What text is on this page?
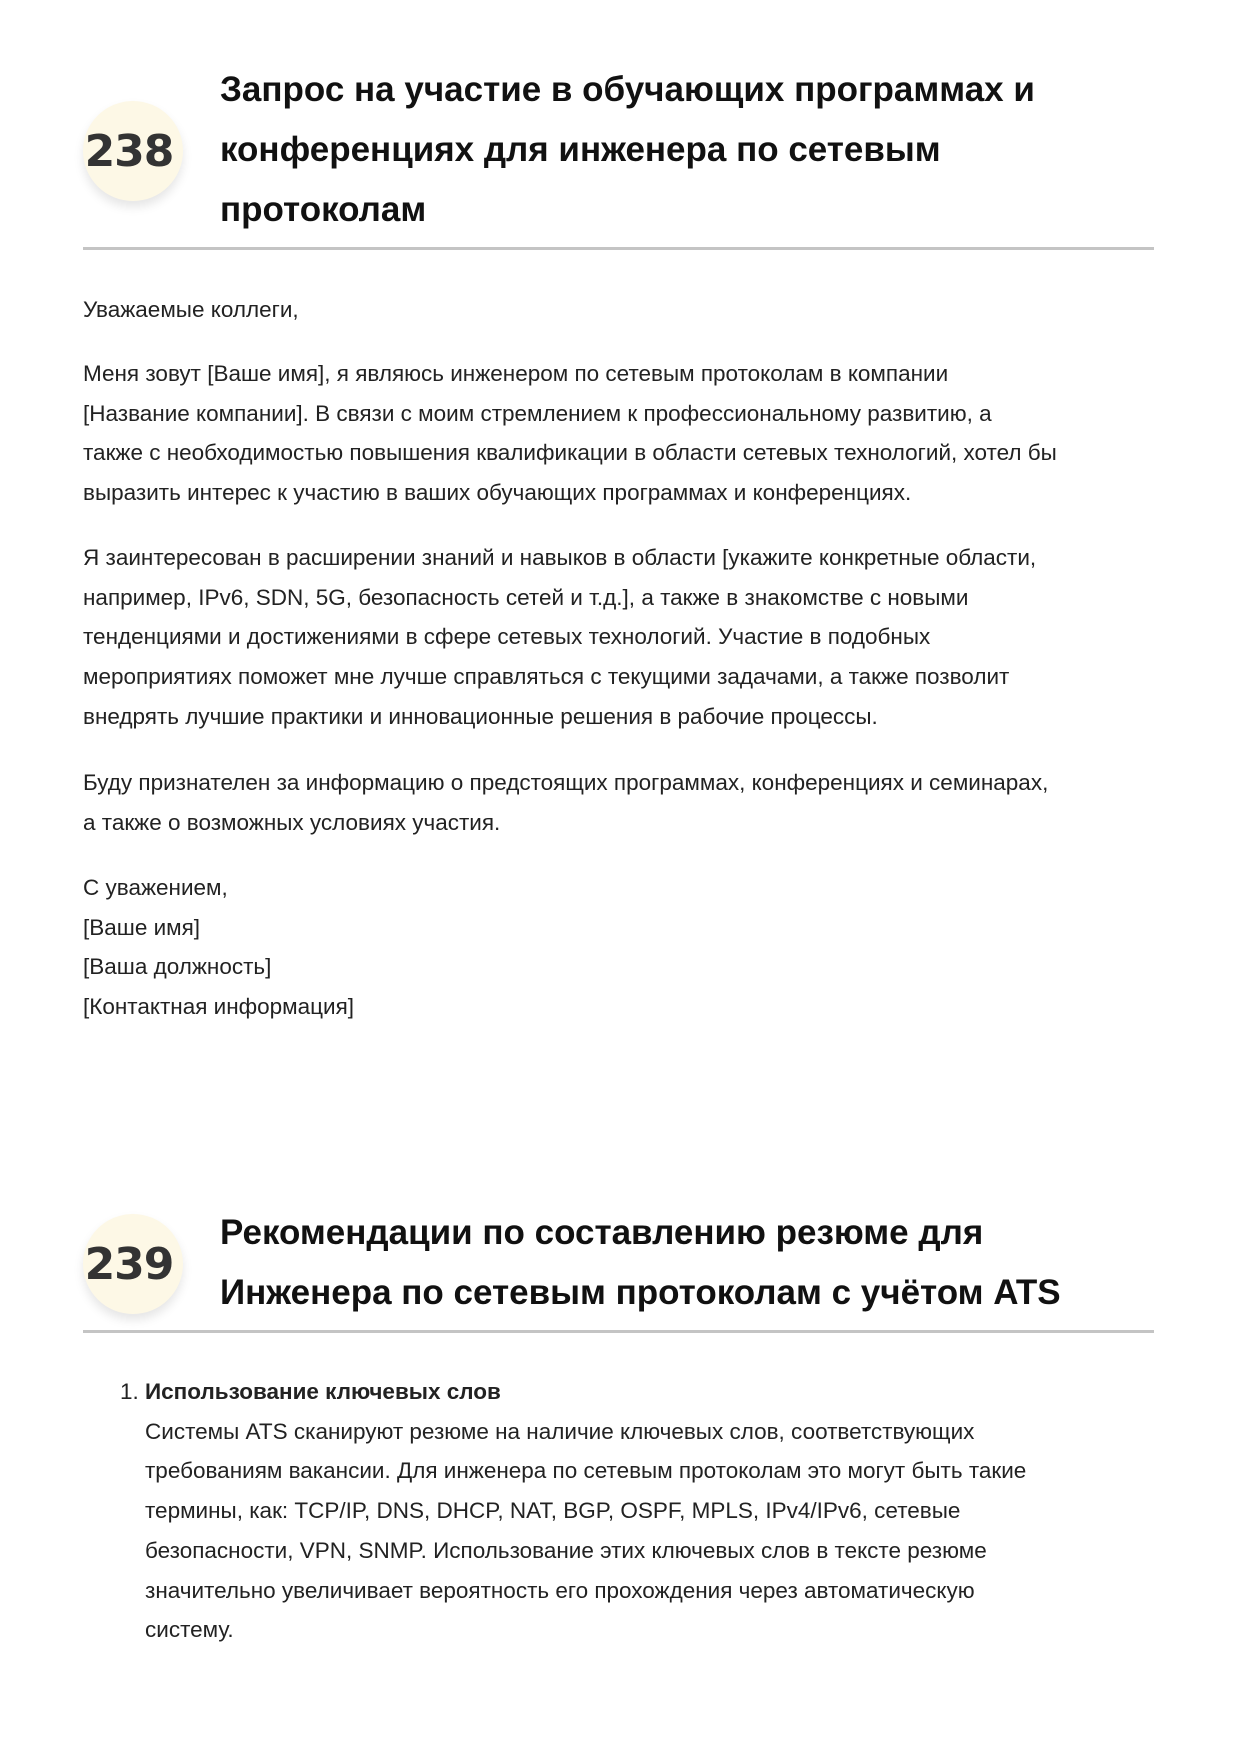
238
Запрос на участие в обучающих программах и
конференциях для инженера по сетевым
протоколам
Уважаемые коллеги,
Меня зовут [Ваше имя], я являюсь инженером по сетевым протоколам в компании
[Название компании]. В связи с моим стремлением к профессиональному развитию, а
также с необходимостью повышения квалификации в области сетевых технологий, хотел бы
выразить интерес к участию в ваших обучающих программах и конференциях.
Я заинтересован в расширении знаний и навыков в области [укажите конкретные области,
например, IPv6, SDN, 5G, безопасность сетей и т.д.], а также в знакомстве с новыми
тенденциями и достижениями в сфере сетевых технологий. Участие в подобных
мероприятиях поможет мне лучше справляться с текущими задачами, а также позволит
внедрять лучшие практики и инновационные решения в рабочие процессы.
Буду признателен за информацию о предстоящих программах, конференциях и семинарах,
а также о возможных условиях участия.
С уважением,
[Ваше имя]
[Ваша должность]
[Контактная информация]
239
Рекомендации по составлению резюме для
Инженера по сетевым протоколам с учётом ATS
1. Использование ключевых слов
Системы ATS сканируют резюме на наличие ключевых слов, соответствующих
требованиям вакансии. Для инженера по сетевым протоколам это могут быть такие
термины, как: TCP/IP, DNS, DHCP, NAT, BGP, OSPF, MPLS, IPv4/IPv6, сетевые
безопасности, VPN, SNMP. Использование этих ключевых слов в тексте резюме
значительно увеличивает вероятность его прохождения через автоматическую
систему.
